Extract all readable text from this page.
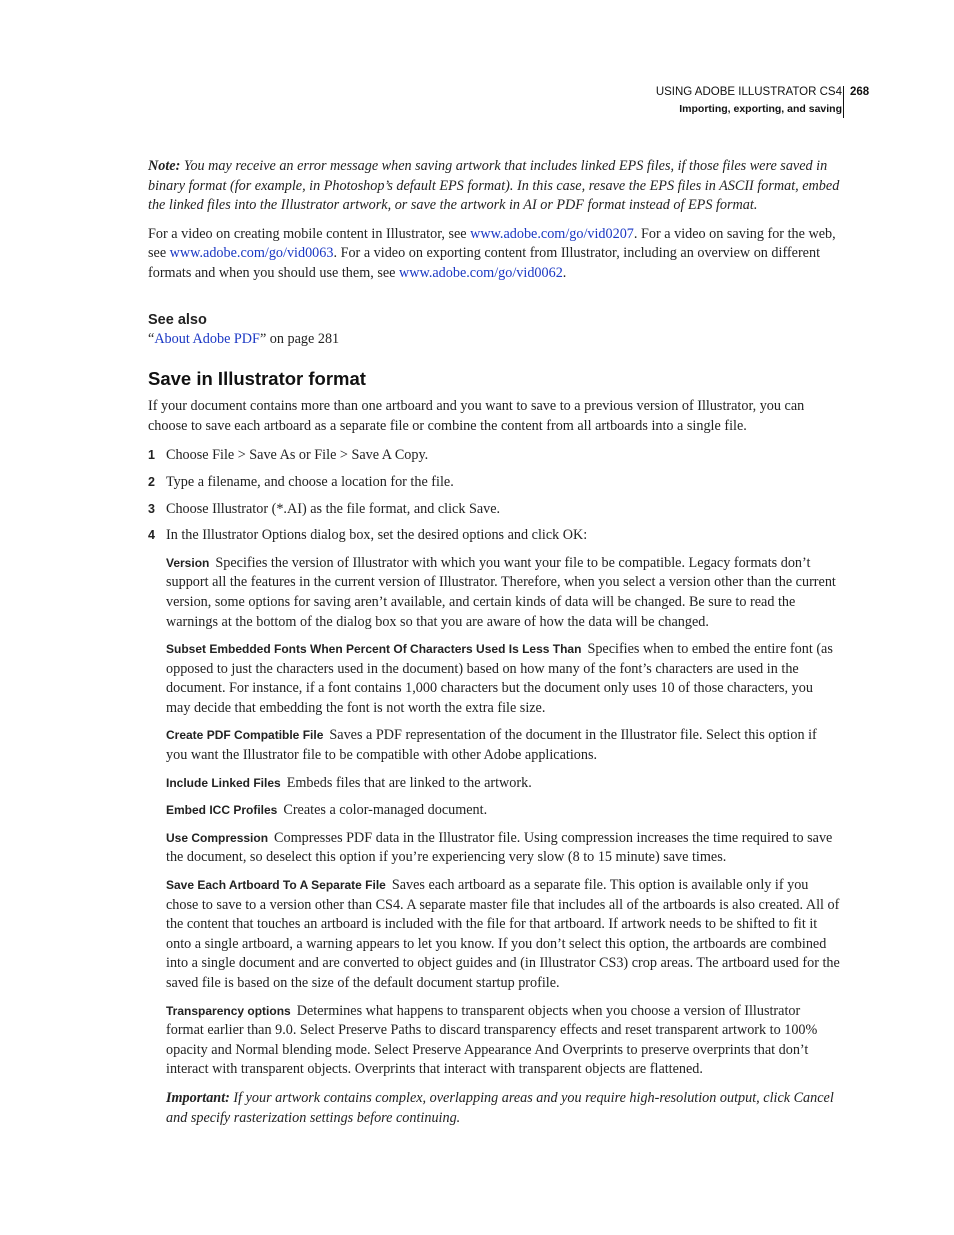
USING ADOBE ILLUSTRATOR CS4
Importing, exporting, and saving
268

Note: You may receive an error message when saving artwork that includes linked EPS files, if those files were saved in binary format (for example, in Photoshop’s default EPS format). In this case, resave the EPS files in ASCII format, embed the linked files into the Illustrator artwork, or save the artwork in AI or PDF format instead of EPS format.

For a video on creating mobile content in Illustrator, see www.adobe.com/go/vid0207. For a video on saving for the web, see www.adobe.com/go/vid0063. For a video on exporting content from Illustrator, including an overview on different formats and when you should use them, see www.adobe.com/go/vid0062.

See also

“About Adobe PDF” on page 281

Save in Illustrator format

If your document contains more than one artboard and you want to save to a previous version of Illustrator, you can choose to save each artboard as a separate file or combine the content from all artboards into a single file.

1 Choose File > Save As or File > Save A Copy.
2 Type a filename, and choose a location for the file.
3 Choose Illustrator (*.AI) as the file format, and click Save.
4 In the Illustrator Options dialog box, set the desired options and click OK:

Version Specifies the version of Illustrator with which you want your file to be compatible. Legacy formats don’t support all the features in the current version of Illustrator. Therefore, when you select a version other than the current version, some options for saving aren’t available, and certain kinds of data will be changed. Be sure to read the warnings at the bottom of the dialog box so that you are aware of how the data will be changed.

Subset Embedded Fonts When Percent Of Characters Used Is Less Than Specifies when to embed the entire font (as opposed to just the characters used in the document) based on how many of the font’s characters are used in the document. For instance, if a font contains 1,000 characters but the document only uses 10 of those characters, you may decide that embedding the font is not worth the extra file size.

Create PDF Compatible File Saves a PDF representation of the document in the Illustrator file. Select this option if you want the Illustrator file to be compatible with other Adobe applications.

Include Linked Files Embeds files that are linked to the artwork.

Embed ICC Profiles Creates a color-managed document.

Use Compression Compresses PDF data in the Illustrator file. Using compression increases the time required to save the document, so deselect this option if you’re experiencing very slow (8 to 15 minute) save times.

Save Each Artboard To A Separate File Saves each artboard as a separate file. This option is available only if you chose to save to a version other than CS4. A separate master file that includes all of the artboards is also created. All of the content that touches an artboard is included with the file for that artboard. If artwork needs to be shifted to fit it onto a single artboard, a warning appears to let you know. If you don’t select this option, the artboards are combined into a single document and are converted to object guides and (in Illustrator CS3) crop areas. The artboard used for the saved file is based on the size of the default document startup profile.

Transparency options Determines what happens to transparent objects when you choose a version of Illustrator format earlier than 9.0. Select Preserve Paths to discard transparency effects and reset transparent artwork to 100% opacity and Normal blending mode. Select Preserve Appearance And Overprints to preserve overprints that don’t interact with transparent objects. Overprints that interact with transparent objects are flattened.

Important: If your artwork contains complex, overlapping areas and you require high-resolution output, click Cancel and specify rasterization settings before continuing.
